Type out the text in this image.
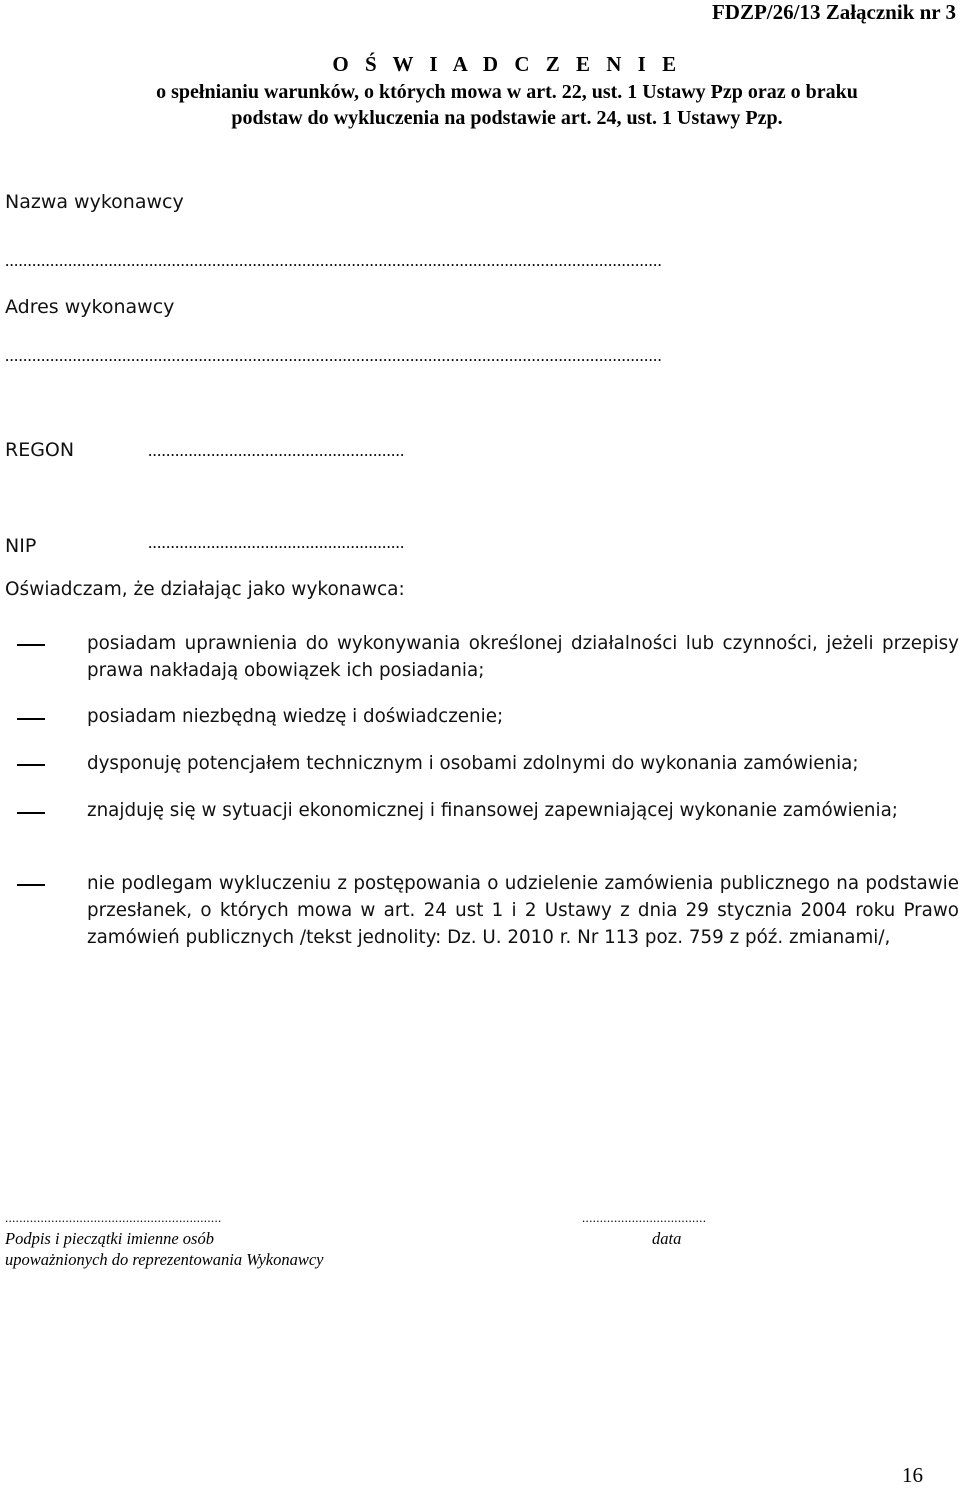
FDZP/26/13 Załącznik nr 3
O Ś W I A D C Z E N I E
o spełnianiu warunków, o których mowa w art. 22, ust. 1 Ustawy Pzp oraz o braku
podstaw do wykluczenia na podstawie art. 24, ust. 1 Ustawy Pzp.
Nazwa wykonawcy
..................................................................................................................................................
Adres wykonawcy
..................................................................................................................................................
REGON	.........................................................
NIP	.........................................................
Oświadczam, że działając jako wykonawca:
posiadam uprawnienia do wykonywania określonej działalności lub czynności, jeżeli przepisy prawa nakładają obowiązek ich posiadania;
posiadam niezbędną wiedzę i doświadczenie;
dysponuję potencjałem technicznym i osobami zdolnymi do wykonania zamówienia;
znajduję się w sytuacji ekonomicznej i finansowej zapewniającej wykonanie zamówienia;
nie podlegam wykluczeniu z postępowania o udzielenie zamówienia publicznego na podstawie przesłanek, o których mowa w art. 24 ust 1 i 2 Ustawy z dnia 29 stycznia 2004 roku Prawo zamówień publicznych /tekst jednolity: Dz. U. 2010 r. Nr 113 poz. 759 z póź. zmianami/,
.............................................................
Podpis i pieczątki imienne osób
upoważnionych do reprezentowania Wykonawcy
...................................
data
16
